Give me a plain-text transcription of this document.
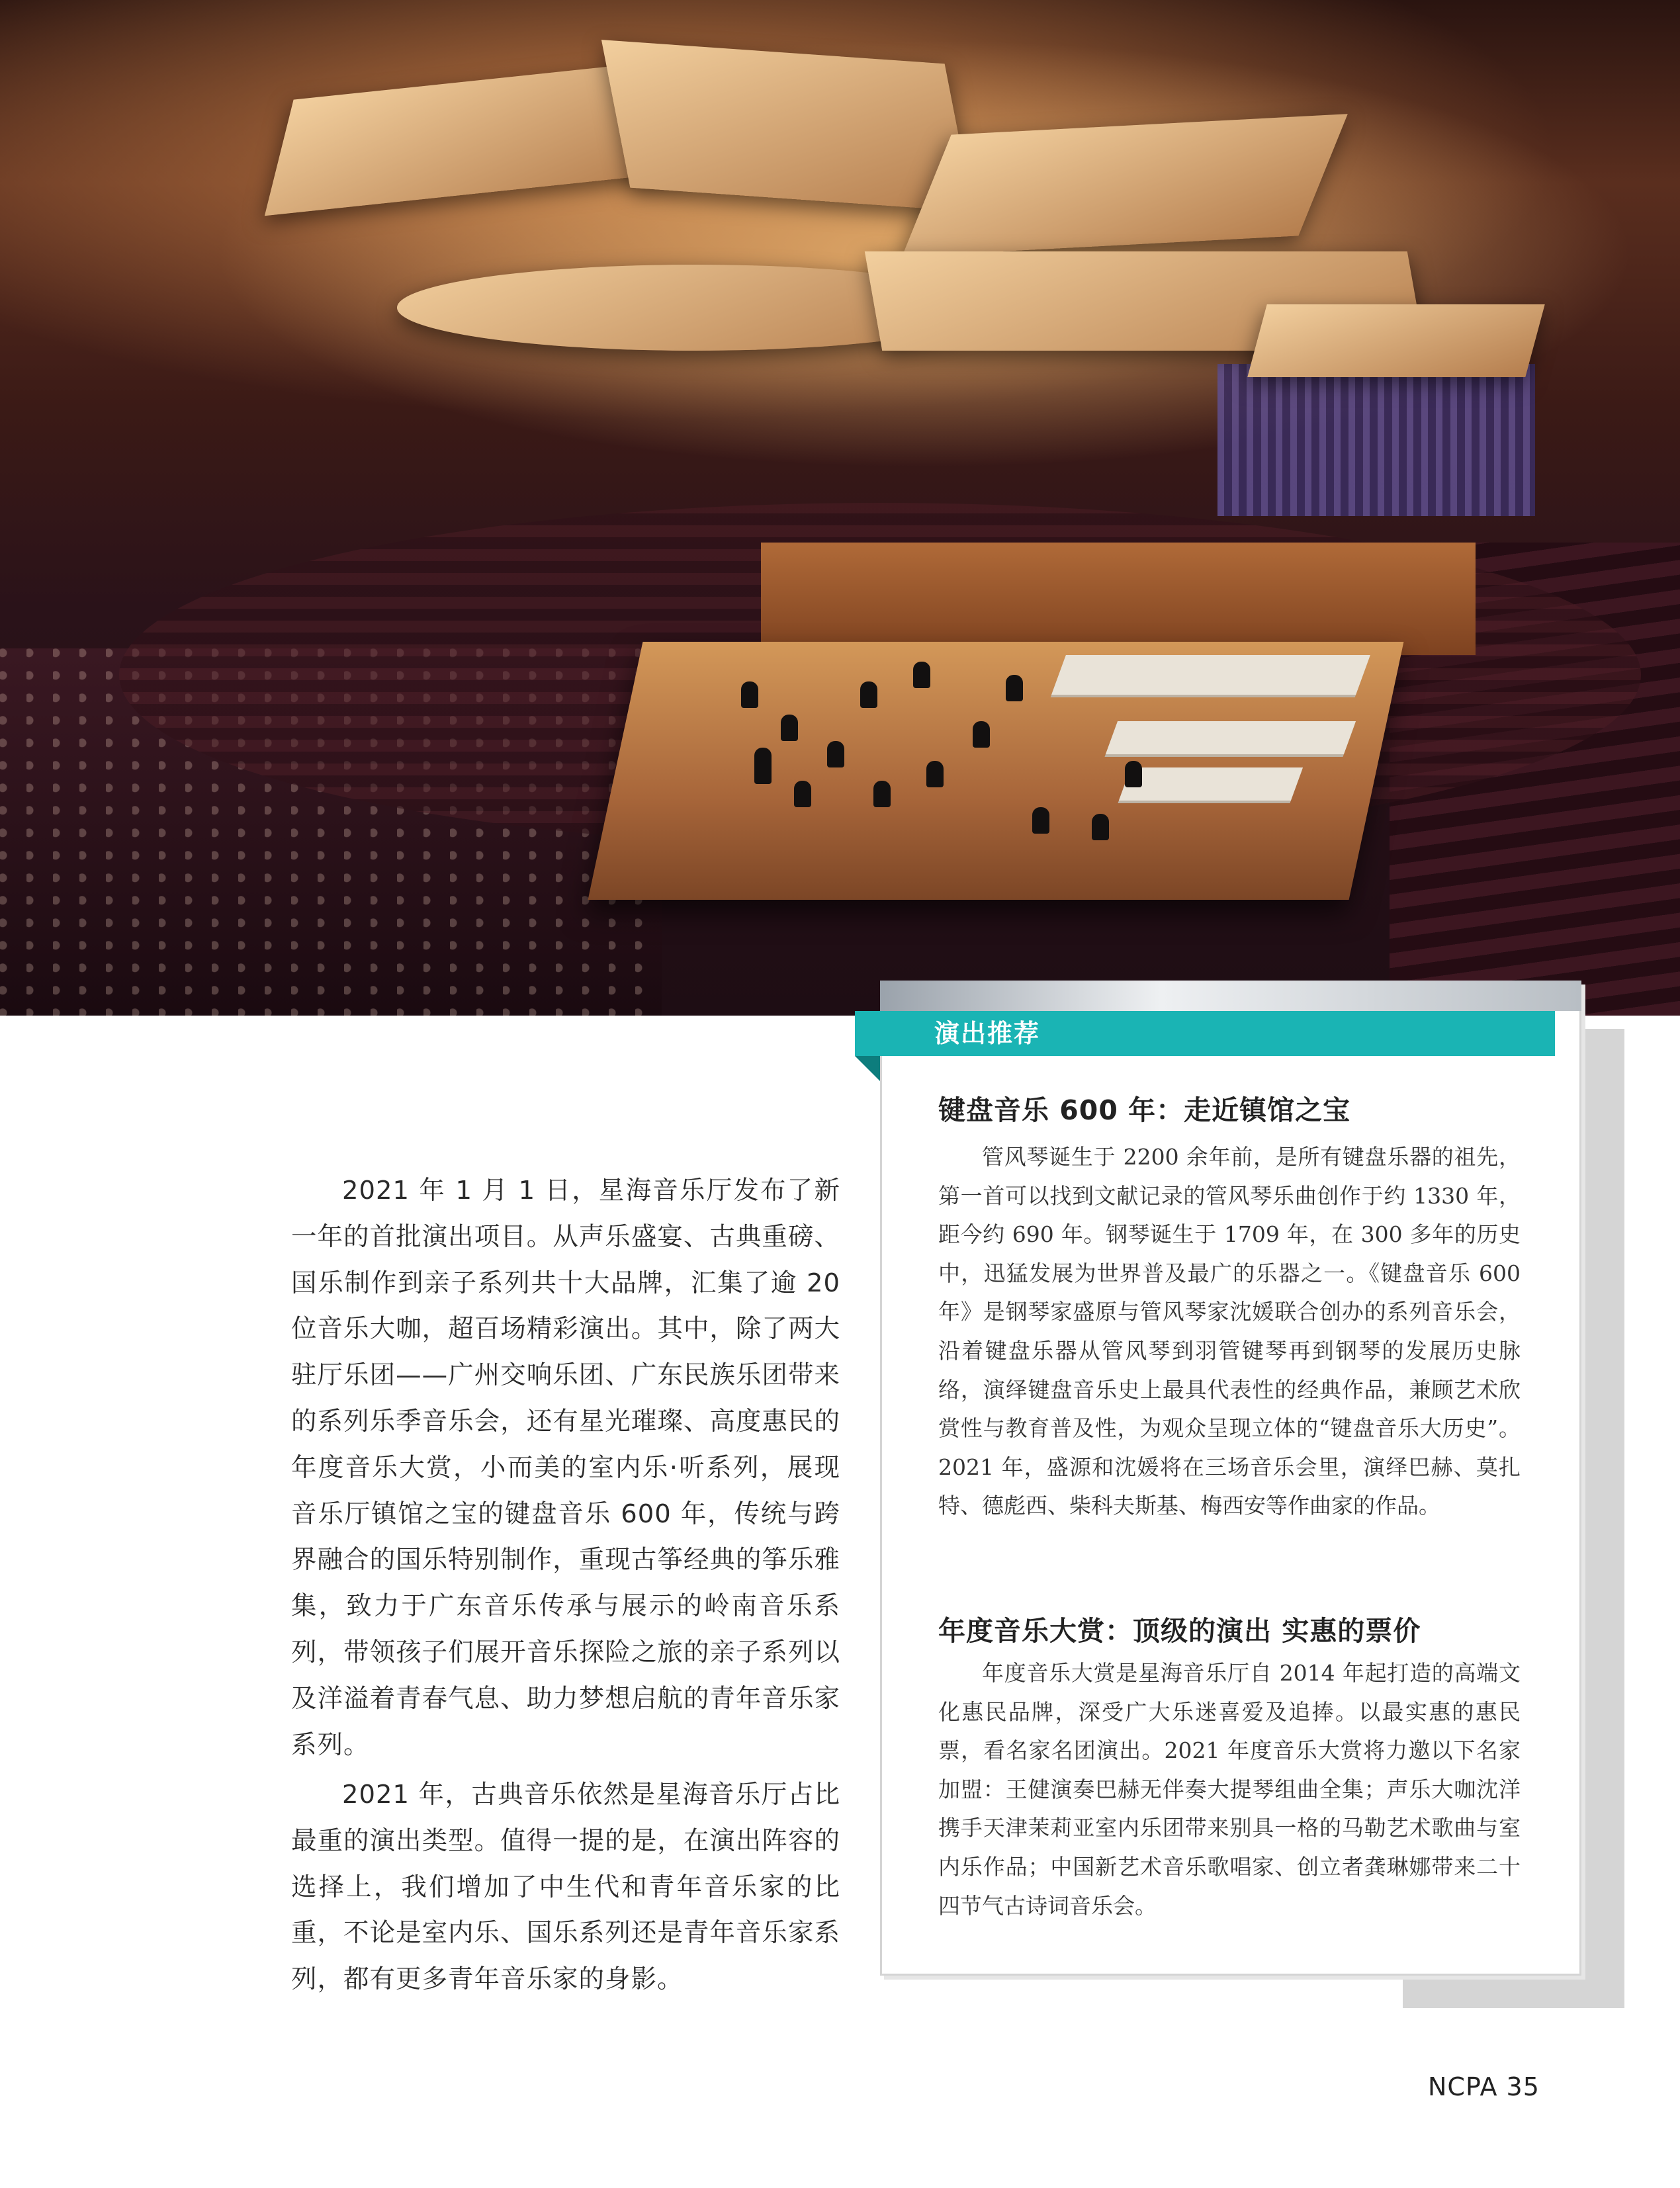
2021 年 1 月 1 日，星海音乐厅发布了新一年的首批演出项目。从声乐盛宴、古典重磅、国乐制作到亲子系列共十大品牌，汇集了逾 20 位音乐大咖，超百场精彩演出。其中，除了两大驻厅乐团——广州交响乐团、广东民族乐团带来的系列乐季音乐会，还有星光璀璨、高度惠民的年度音乐大赏，小而美的室内乐·听系列，展现音乐厅镇馆之宝的键盘音乐 600 年，传统与跨界融合的国乐特别制作，重现古筝经典的筝乐雅集，致力于广东音乐传承与展示的岭南音乐系列，带领孩子们展开音乐探险之旅的亲子系列以及洋溢着青春气息、助力梦想启航的青年音乐家系列。

2021 年，古典音乐依然是星海音乐厅占比最重的演出类型。值得一提的是，在演出阵容的选择上，我们增加了中生代和青年音乐家的比重，不论是室内乐、国乐系列还是青年音乐家系列，都有更多青年音乐家的身影。

演出推荐
键盘音乐 600 年：走近镇馆之宝

管风琴诞生于 2200 余年前，是所有键盘乐器的祖先，第一首可以找到文献记录的管风琴乐曲创作于约 1330 年，距今约 690 年。钢琴诞生于 1709 年，在 300 多年的历史中，迅猛发展为世界普及最广的乐器之一。《键盘音乐 600 年》是钢琴家盛原与管风琴家沈媛联合创办的系列音乐会，沿着键盘乐器从管风琴到羽管键琴再到钢琴的发展历史脉络，演绎键盘音乐史上最具代表性的经典作品，兼顾艺术欣赏性与教育普及性，为观众呈现立体的“键盘音乐大历史”。2021 年，盛源和沈媛将在三场音乐会里，演绎巴赫、莫扎特、德彪西、柴科夫斯基、梅西安等作曲家的作品。

年度音乐大赏：顶级的演出 实惠的票价

年度音乐大赏是星海音乐厅自 2014 年起打造的高端文化惠民品牌，深受广大乐迷喜爱及追捧。以最实惠的惠民票，看名家名团演出。2021 年度音乐大赏将力邀以下名家加盟：王健演奏巴赫无伴奏大提琴组曲全集；声乐大咖沈洋携手天津茉莉亚室内乐团带来别具一格的马勒艺术歌曲与室内乐作品；中国新艺术音乐歌唱家、创立者龚琳娜带来二十四节气古诗词音乐会。

NCPA 35
